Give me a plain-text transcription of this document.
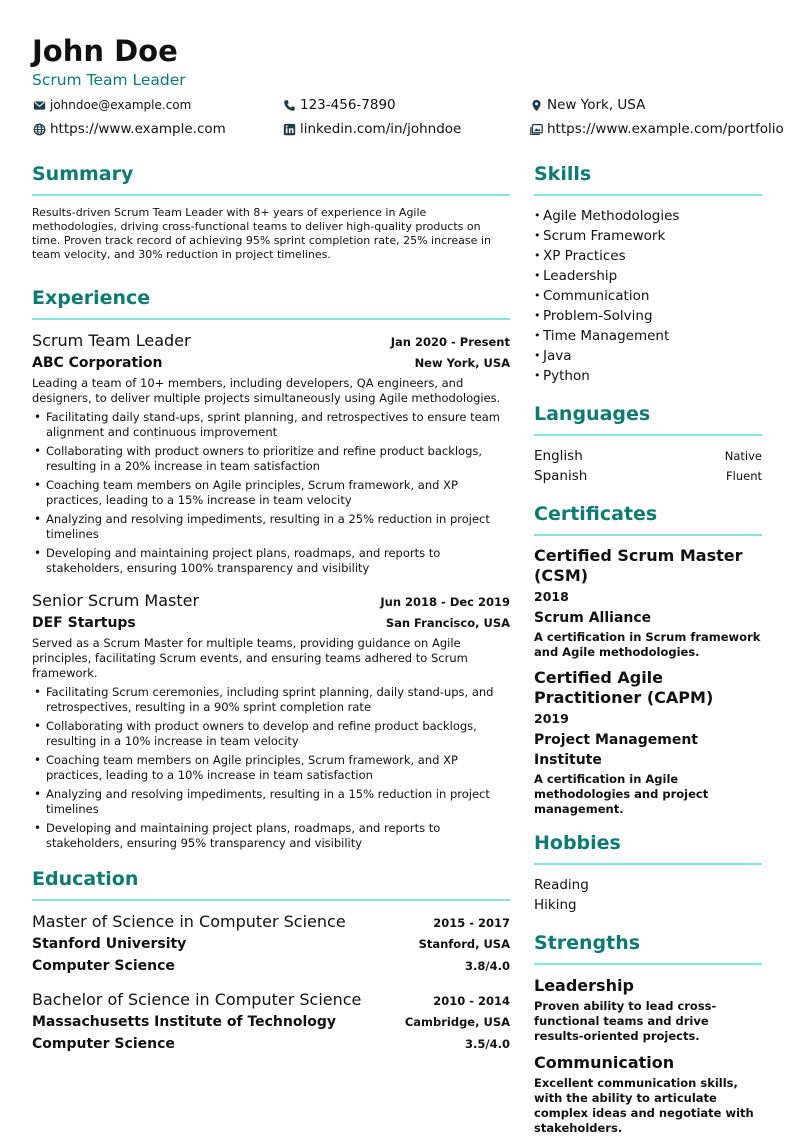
John Doe
Scrum Team Leader
johndoe@example.com	123-456-7890	New York, USA
https://www.example.com	linkedin.com/in/johndoe	https://www.example.com/portfolio
Summary
Results-driven Scrum Team Leader with 8+ years of experience in Agile methodologies, driving cross-functional teams to deliver high-quality products on time. Proven track record of achieving 95% sprint completion rate, 25% increase in team velocity, and 30% reduction in project timelines.
Experience
Scrum Team Leader	Jan 2020 - Present
ABC Corporation	New York, USA
Leading a team of 10+ members, including developers, QA engineers, and designers, to deliver multiple projects simultaneously using Agile methodologies.
• Facilitating daily stand-ups, sprint planning, and retrospectives to ensure team alignment and continuous improvement
• Collaborating with product owners to prioritize and refine product backlogs, resulting in a 20% increase in team satisfaction
• Coaching team members on Agile principles, Scrum framework, and XP practices, leading to a 15% increase in team velocity
• Analyzing and resolving impediments, resulting in a 25% reduction in project timelines
• Developing and maintaining project plans, roadmaps, and reports to stakeholders, ensuring 100% transparency and visibility
Senior Scrum Master	Jun 2018 - Dec 2019
DEF Startups	San Francisco, USA
Served as a Scrum Master for multiple teams, providing guidance on Agile principles, facilitating Scrum events, and ensuring teams adhered to Scrum framework.
• Facilitating Scrum ceremonies, including sprint planning, daily stand-ups, and retrospectives, resulting in a 90% sprint completion rate
• Collaborating with product owners to develop and refine product backlogs, resulting in a 10% increase in team velocity
• Coaching team members on Agile principles, Scrum framework, and XP practices, leading to a 10% increase in team satisfaction
• Analyzing and resolving impediments, resulting in a 15% reduction in project timelines
• Developing and maintaining project plans, roadmaps, and reports to stakeholders, ensuring 95% transparency and visibility
Education
Master of Science in Computer Science	2015 - 2017
Stanford University	Stanford, USA
Computer Science	3.8/4.0
Bachelor of Science in Computer Science	2010 - 2014
Massachusetts Institute of Technology	Cambridge, USA
Computer Science	3.5/4.0
Skills
• Agile Methodologies
• Scrum Framework
• XP Practices
• Leadership
• Communication
• Problem-Solving
• Time Management
• Java
• Python
Languages
English	Native
Spanish	Fluent
Certificates
Certified Scrum Master (CSM)
2018
Scrum Alliance
A certification in Scrum framework and Agile methodologies.
Certified Agile Practitioner (CAPM)
2019
Project Management Institute
A certification in Agile methodologies and project management.
Hobbies
Reading
Hiking
Strengths
Leadership
Proven ability to lead cross-functional teams and drive results-oriented projects.
Communication
Excellent communication skills, with the ability to articulate complex ideas and negotiate with stakeholders.
